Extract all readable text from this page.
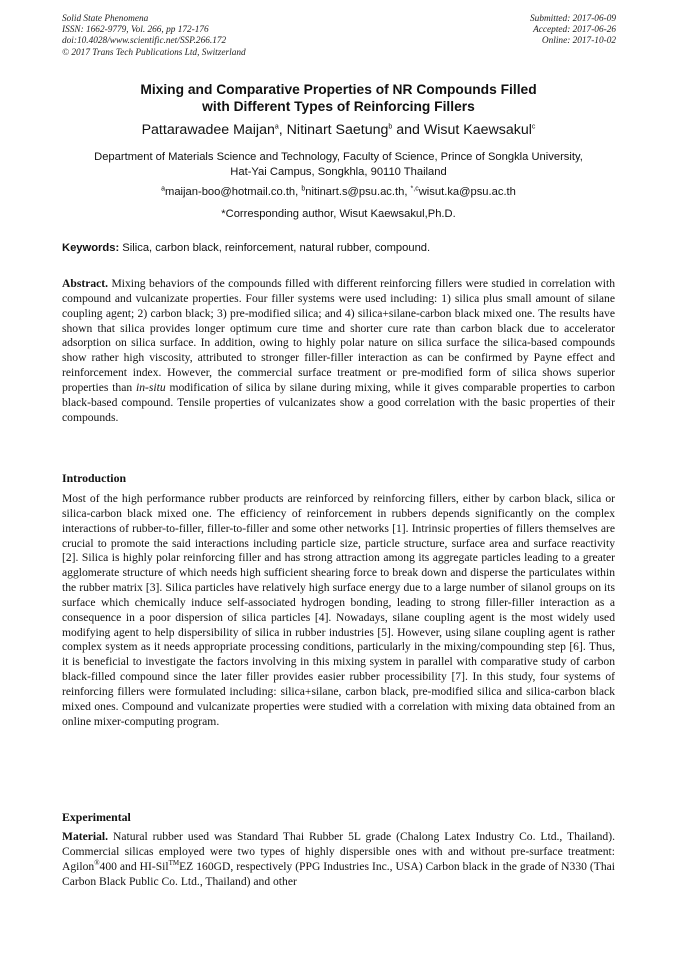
Solid State Phenomena
ISSN: 1662-9779, Vol. 266, pp 172-176
doi:10.4028/www.scientific.net/SSP.266.172
© 2017 Trans Tech Publications Ltd, Switzerland
Submitted: 2017-06-09
Accepted: 2017-06-26
Online: 2017-10-02
Mixing and Comparative Properties of NR Compounds Filled
with Different Types of Reinforcing Fillers
Pattarawadee Maijan$^a$, Nitinart Saetung$^b$ and Wisut Kaewsakul$^c$
Department of Materials Science and Technology, Faculty of Science, Prince of Songkla University,
Hat-Yai Campus, Songkhla, 90110 Thailand
$^a$maijan-boo@hotmail.co.th, $^b$nitinart.s@psu.ac.th, $^{*,c}$wisut.ka@psu.ac.th
*Corresponding author, Wisut Kaewsakul,Ph.D.
Keywords: Silica, carbon black, reinforcement, natural rubber, compound.
Abstract. Mixing behaviors of the compounds filled with different reinforcing fillers were studied in correlation with compound and vulcanizate properties. Four filler systems were used including: 1) silica plus small amount of silane coupling agent; 2) carbon black; 3) pre-modified silica; and 4) silica+silane-carbon black mixed one. The results have shown that silica provides longer optimum cure time and shorter cure rate than carbon black due to accelerator adsorption on silica surface. In addition, owing to highly polar nature on silica surface the silica-based compounds show rather high viscosity, attributed to stronger filler-filler interaction as can be confirmed by Payne effect and reinforcement index. However, the commercial surface treatment or pre-modified form of silica shows superior properties than in-situ modification of silica by silane during mixing, while it gives comparable properties to carbon black-based compound. Tensile properties of vulcanizates show a good correlation with the basic properties of their compounds.
Introduction
Most of the high performance rubber products are reinforced by reinforcing fillers, either by carbon black, silica or silica-carbon black mixed one. The efficiency of reinforcement in rubbers depends significantly on the complex interactions of rubber-to-filler, filler-to-filler and some other networks [1]. Intrinsic properties of fillers themselves are crucial to promote the said interactions including particle size, particle structure, surface area and surface reactivity [2]. Silica is highly polar reinforcing filler and has strong attraction among its aggregate particles leading to a greater agglomerate structure of which needs high sufficient shearing force to break down and disperse the particulates within the rubber matrix [3]. Silica particles have relatively high surface energy due to a large number of silanol groups on its surface which chemically induce self-associated hydrogen bonding, leading to strong filler-filler interaction as a consequence in a poor dispersion of silica particles [4]. Nowadays, silane coupling agent is the most widely used modifying agent to help dispersibility of silica in rubber industries [5]. However, using silane coupling agent is rather complex system as it needs appropriate processing conditions, particularly in the mixing/compounding step [6]. Thus, it is beneficial to investigate the factors involving in this mixing system in parallel with comparative study of carbon black-filled compound since the later filler provides easier rubber processibility [7]. In this study, four systems of reinforcing fillers were formulated including: silica+silane, carbon black, pre-modified silica and silica-carbon black mixed ones. Compound and vulcanizate properties were studied with a correlation with mixing data obtained from an online mixer-computing program.
Experimental
Material. Natural rubber used was Standard Thai Rubber 5L grade (Chalong Latex Industry Co. Ltd., Thailand). Commercial silicas employed were two types of highly dispersible ones with and without pre-surface treatment: Agilon®400 and HI-Sil™EZ 160GD, respectively (PPG Industries Inc., USA) Carbon black in the grade of N330 (Thai Carbon Black Public Co. Ltd., Thailand) and other
